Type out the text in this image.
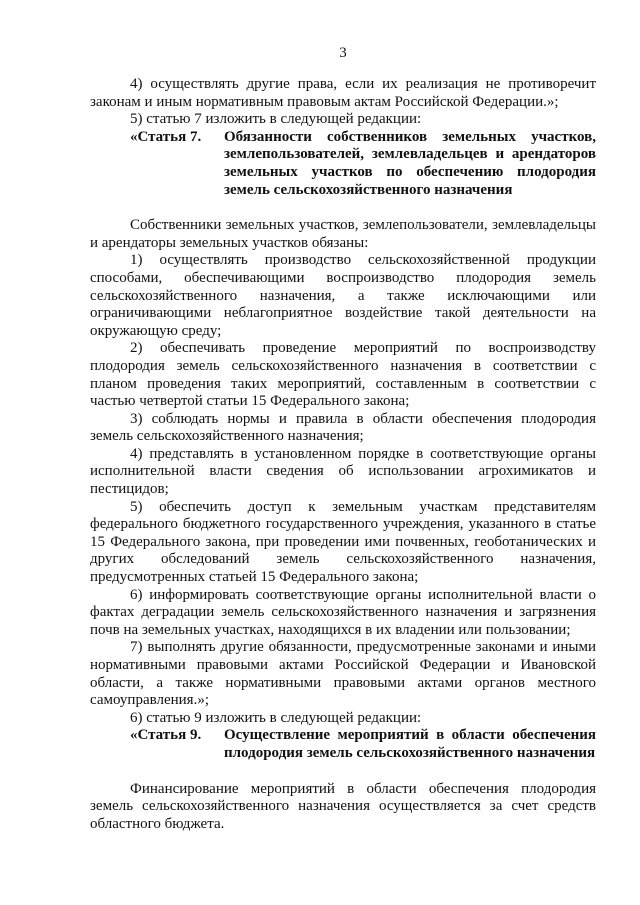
3

4) осуществлять другие права, если их реализация не противоречит законам и иным нормативным правовым актам Российской Федерации.»;

5) статью 7 изложить в следующей редакции:

«Статья 7.	Обязанности собственников земельных участков, землепользователей, землевладельцев и арендаторов земельных участков по обеспечению плодородия земель сельскохозяйственного назначения

Собственники земельных участков, землепользователи, землевладельцы и арендаторы земельных участков обязаны:

1) осуществлять производство сельскохозяйственной продукции способами, обеспечивающими воспроизводство плодородия земель сельскохозяйственного назначения, а также исключающими или ограничивающими неблагоприятное воздействие такой деятельности на окружающую среду;

2) обеспечивать проведение мероприятий по воспроизводству плодородия земель сельскохозяйственного назначения в соответствии с планом проведения таких мероприятий, составленным в соответствии с частью четвертой статьи 15 Федерального закона;

3) соблюдать нормы и правила в области обеспечения плодородия земель сельскохозяйственного назначения;

4) представлять в установленном порядке в соответствующие органы исполнительной власти сведения об использовании агрохимикатов и пестицидов;

5) обеспечить доступ к земельным участкам представителям федерального бюджетного государственного учреждения, указанного в статье 15 Федерального закона, при проведении ими почвенных, геоботанических и других обследований земель сельскохозяйственного назначения, предусмотренных статьей 15 Федерального закона;

6) информировать соответствующие органы исполнительной власти о фактах деградации земель сельскохозяйственного назначения и загрязнения почв на земельных участках, находящихся в их владении или пользовании;

7) выполнять другие обязанности, предусмотренные законами и иными нормативными правовыми актами Российской Федерации и Ивановской области, а также нормативными правовыми актами органов местного самоуправления.»;

6) статью 9 изложить в следующей редакции:

«Статья 9.	Осуществление мероприятий в области обеспечения плодородия земель сельскохозяйственного назначения

Финансирование мероприятий в области обеспечения плодородия земель сельскохозяйственного назначения осуществляется за счет средств областного бюджета.
